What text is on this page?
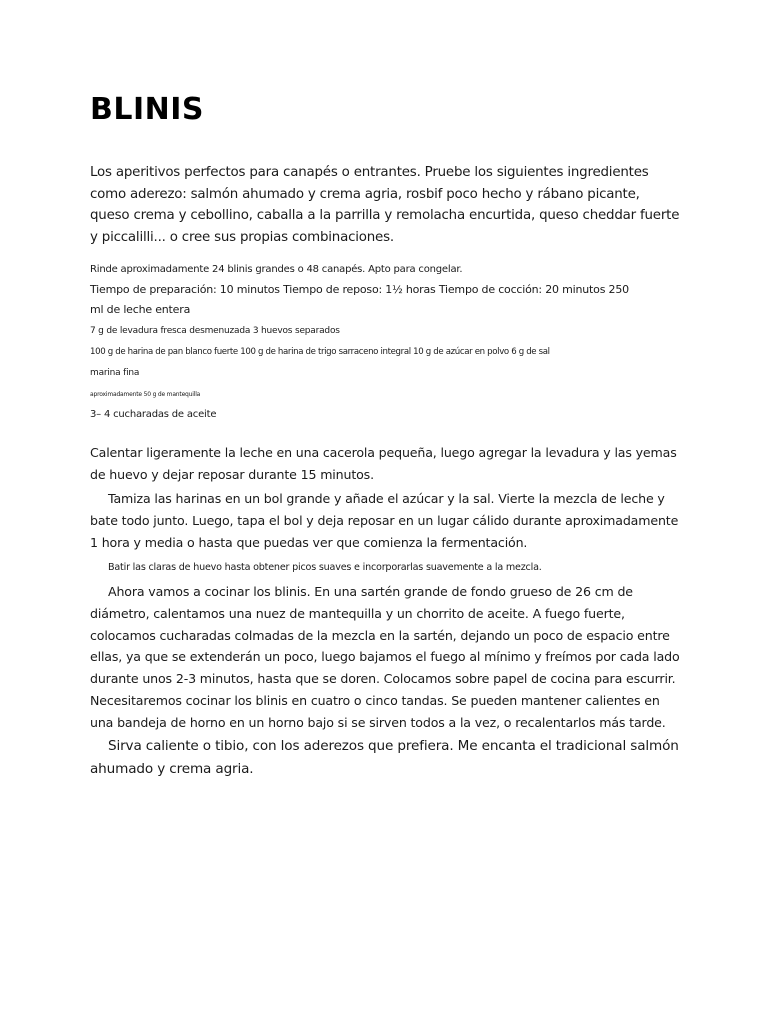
BLINIS

Los aperitivos perfectos para canapés o entrantes. Pruebe los siguientes ingredientes como aderezo: salmón ahumado y crema agria, rosbif poco hecho y rábano picante, queso crema y cebollino, caballa a la parrilla y remolacha encurtida, queso cheddar fuerte y piccalilli... o cree sus propias combinaciones.

Rinde aproximadamente 24 blinis grandes o 48 canapés. Apto para congelar.

Tiempo de preparación: 10 minutos Tiempo de reposo: 1½ horas Tiempo de cocción: 20 minutos 250

ml de leche entera

7 g de levadura fresca desmenuzada 3 huevos separados

100 g de harina de pan blanco fuerte 100 g de harina de trigo sarraceno integral 10 g de azúcar en polvo 6 g de sal

marina fina

aproximadamente 50 g de mantequilla

3– 4 cucharadas de aceite

Calentar ligeramente la leche en una cacerola pequeña, luego agregar la levadura y las yemas de huevo y dejar reposar durante 15 minutos.

Tamiza las harinas en un bol grande y añade el azúcar y la sal. Vierte la mezcla de leche y bate todo junto. Luego, tapa el bol y deja reposar en un lugar cálido durante aproximadamente 1 hora y media o hasta que puedas ver que comienza la fermentación.

Batir las claras de huevo hasta obtener picos suaves e incorporarlas suavemente a la mezcla.

Ahora vamos a cocinar los blinis. En una sartén grande de fondo grueso de 26 cm de diámetro, calentamos una nuez de mantequilla y un chorrito de aceite. A fuego fuerte, colocamos cucharadas colmadas de la mezcla en la sartén, dejando un poco de espacio entre ellas, ya que se extenderán un poco, luego bajamos el fuego al mínimo y freímos por cada lado durante unos 2-3 minutos, hasta que se doren. Colocamos sobre papel de cocina para escurrir. Necesitaremos cocinar los blinis en cuatro o cinco tandas. Se pueden mantener calientes en una bandeja de horno en un horno bajo si se sirven todos a la vez, o recalentarlos más tarde.

Sirva caliente o tibio, con los aderezos que prefiera. Me encanta el tradicional salmón ahumado y crema agria.
